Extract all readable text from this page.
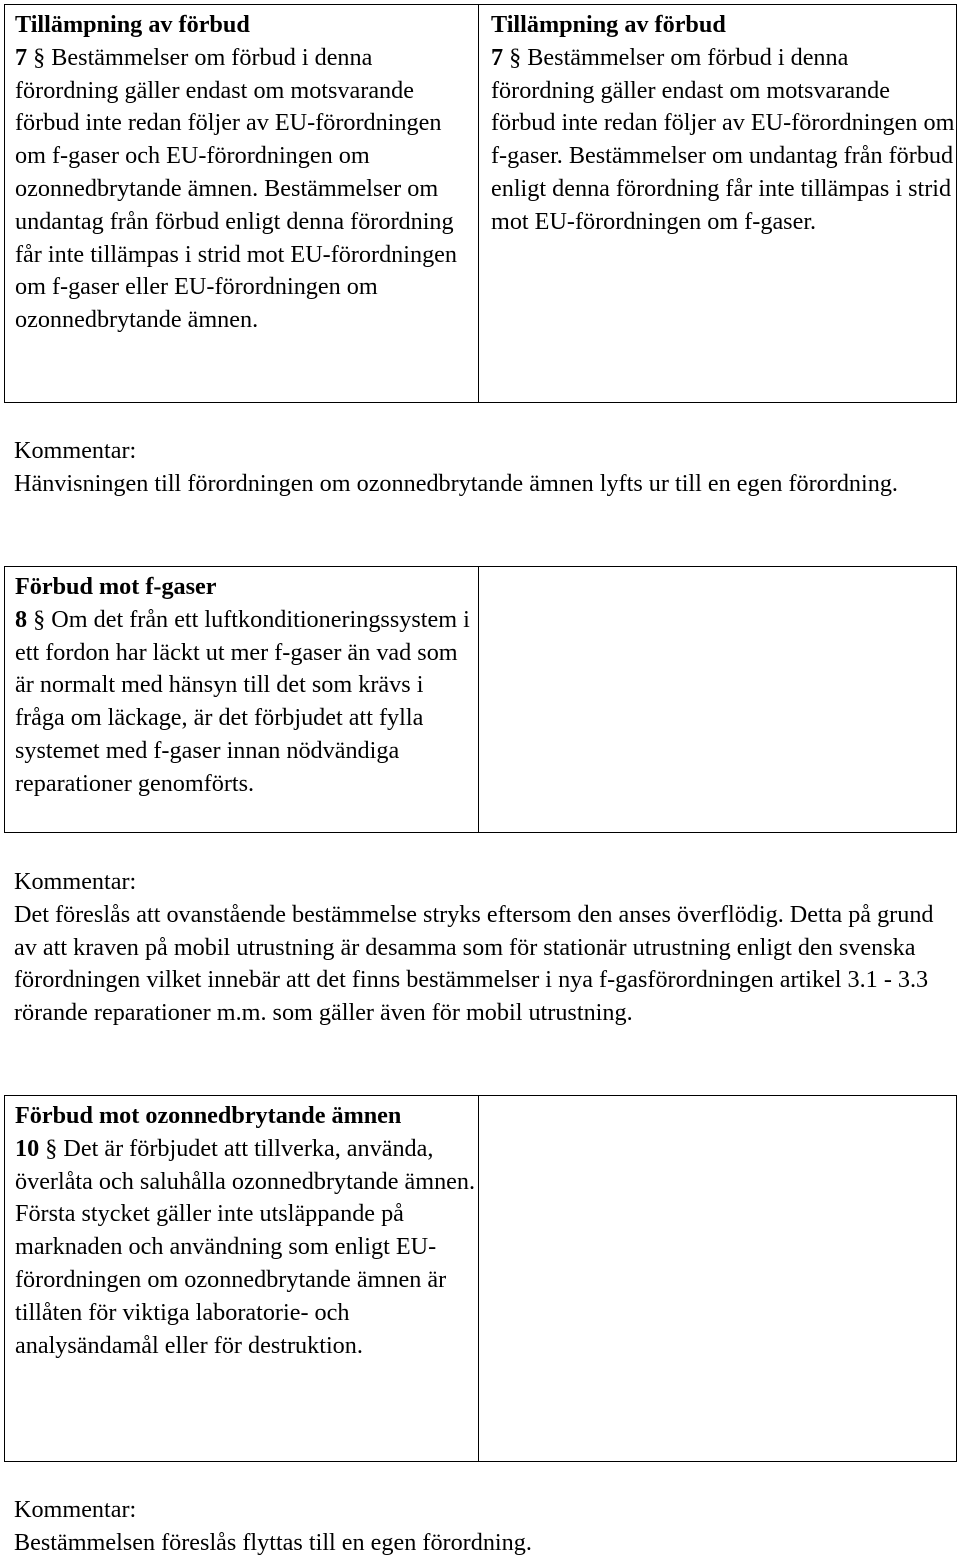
Tillämpning av förbud
7 § Bestämmelser om förbud i denna förordning gäller endast om motsvarande förbud inte redan följer av EU-förordningen om f-gaser och EU-förordningen om ozonnedbrytande ämnen. Bestämmelser om undantag från förbud enligt denna förordning får inte tillämpas i strid mot EU-förordningen om f-gaser eller EU-förordningen om ozonnedbrytande ämnen.

Tillämpning av förbud
7 § Bestämmelser om förbud i denna förordning gäller endast om motsvarande förbud inte redan följer av EU-förordningen om f-gaser. Bestämmelser om undantag från förbud enligt denna förordning får inte tillämpas i strid mot EU-förordningen om f-gaser.
Kommentar:
Hänvisningen till förordningen om ozonnedbrytande ämnen lyfts ur till en egen förordning.
Förbud mot f-gaser
8 § Om det från ett luftkonditioneringssystem i ett fordon har läckt ut mer f-gaser än vad som är normalt med hänsyn till det som krävs i fråga om läckage, är det förbjudet att fylla systemet med f-gaser innan nödvändiga reparationer genomförts.

Kommentar:
Det föreslås att ovanstående bestämmelse stryks eftersom den anses överflödig. Detta på grund av att kraven på mobil utrustning är desamma som för stationär utrustning enligt den svenska förordningen vilket innebär att det finns bestämmelser i nya f-gasförordningen artikel 3.1 - 3.3 rörande reparationer m.m. som gäller även för mobil utrustning.
Förbud mot ozonnedbrytande ämnen
10 § Det är förbjudet att tillverka, använda, överlåta och saluhålla ozonnedbrytande ämnen.
Första stycket gäller inte utsläppande på marknaden och användning som enligt EU-förordningen om ozonnedbrytande ämnen är tillåten för viktiga laboratorie- och analysändamål eller för destruktion.

Kommentar:
Bestämmelsen föreslås flyttas till en egen förordning.
